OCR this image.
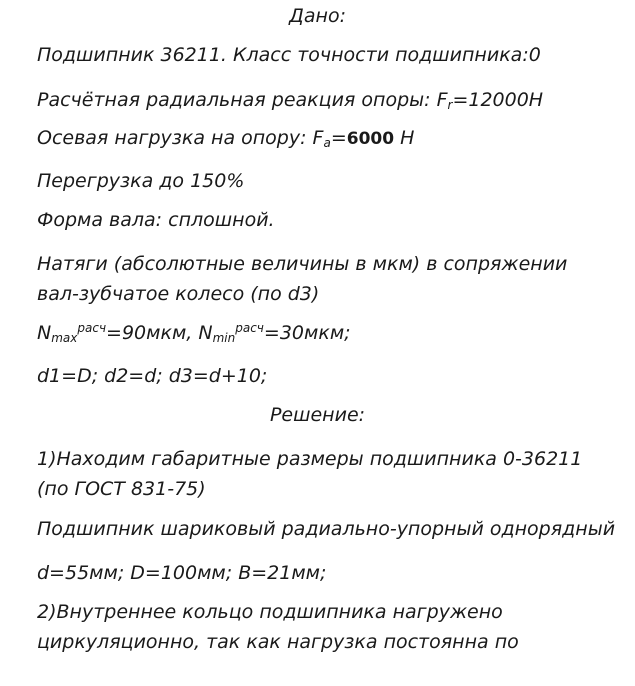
Дано:
Подшипник 36211. Класс точности подшипника:0
Расчётная радиальная реакция опоры: $F_r=12000Н$
Осевая нагрузка на опору: $F_a=6000$ Н
Перегрузка до 150%
Форма вала: сплошной.
Натяги (абсолютные величины в мкм) в сопряжении
вал-зубчатое колесо (по d3)
$N_{max}^{расч}=90мкм$, $N_{min}^{расч}=30мкм$;
d1=D; d2=d; d3=d+10;
Решение:
1)Находим габаритные размеры подшипника 0-36211
(по ГОСТ 831-75)
Подшипник шариковый радиально-упорный однорядный
d=55мм; D=100мм; B=21мм;
2)Внутреннее кольцо подшипника нагружено
циркуляционно, так как нагрузка постоянна по
